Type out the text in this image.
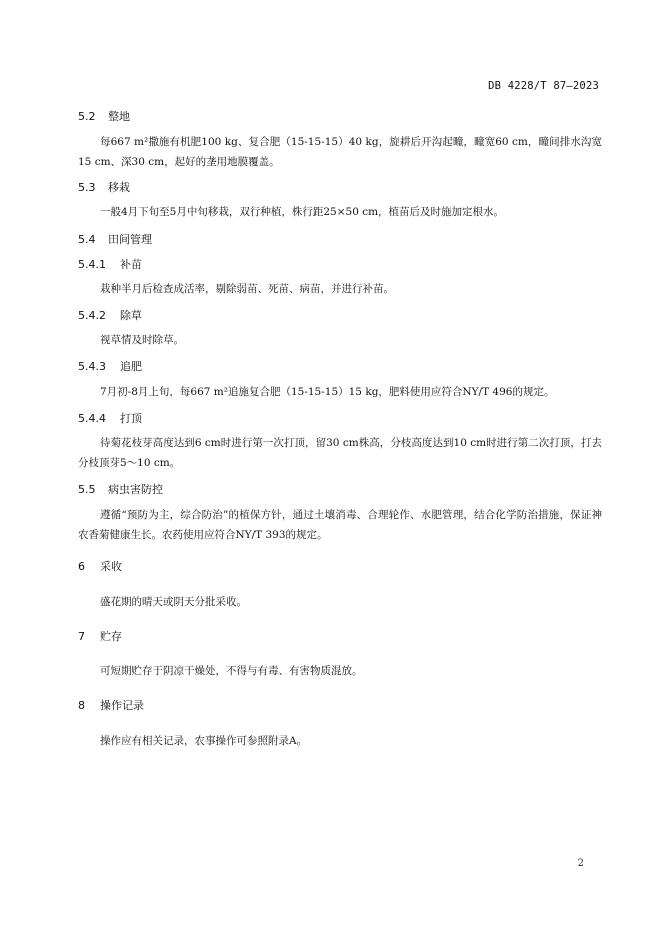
DB 4228/T 87—2023
5.2 整地

每667 m²撒施有机肥100 kg、复合肥（15-15-15）40 kg，旋耕后开沟起疃，疃宽60 cm，疃间排水沟宽15 cm、深30 cm，起好的垄用地膜覆盖。

5.3 移栽

一般4月下旬至5月中旬移栽，双行种植，株行距25×50 cm，植苗后及时施加定根水。

5.4 田间管理
5.4.1 补苗

栽种半月后检查成活率，剔除弱苗、死苗、病苗，并进行补苗。

5.4.2 除草

视草情及时除草。

5.4.3 追肥

7月初-8月上旬，每667 m²追施复合肥（15-15-15）15 kg，肥料使用应符合NY/T 496的规定。

5.4.4 打顶

待菊花枝芽高度达到6 cm时进行第一次打顶，留30 cm株高，分枝高度达到10 cm时进行第二次打顶，打去分枝顶芽5～10 cm。

5.5 病虫害防控

遵循“预防为主，综合防治”的植保方针，通过土壤消毒、合理轮作、水肥管理，结合化学防治措施，保证神农香菊健康生长。农药使用应符合NY/T 393的规定。

6 采收

盛花期的晴天或阴天分批采收。

7 贮存

可短期贮存于阴凉干燥处，不得与有毒、有害物质混放。

8 操作记录

操作应有相关记录，农事操作可参照附录A。

2
